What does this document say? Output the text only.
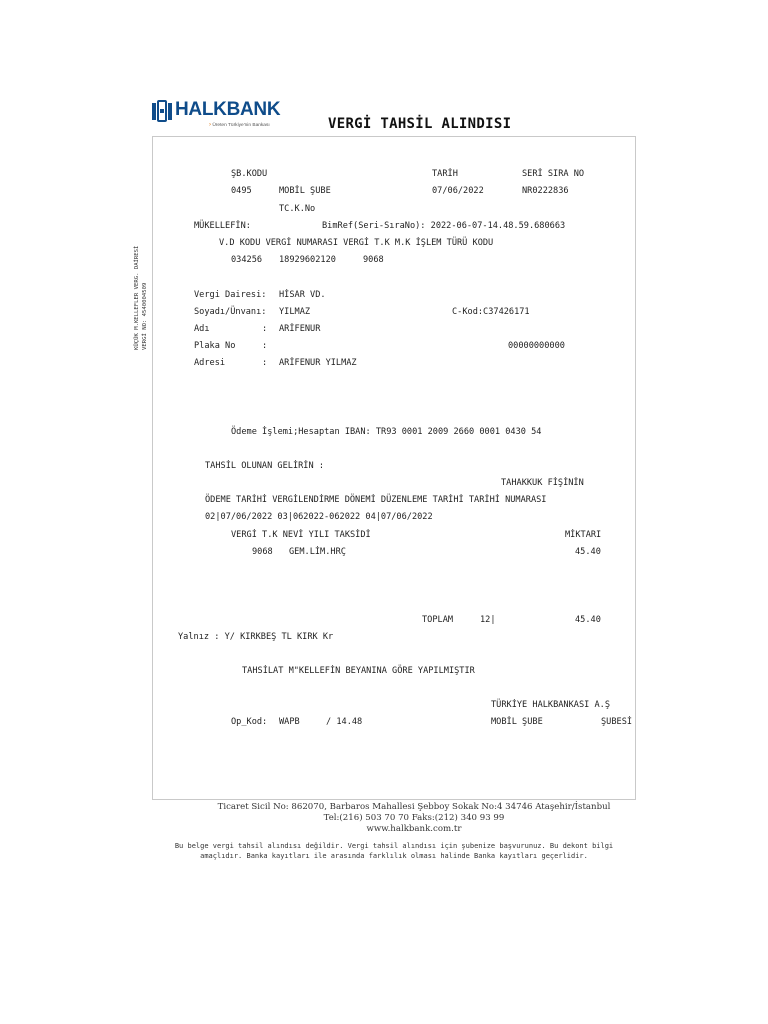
HALKBANK
› Üreten Türkiye'nin Bankası	VERGİ TAHSİL ALINDISI
KÜÇÜK M.KELLEFLER VERG. DAİRESİ VERGİ NO: 4540004509
ŞB.KODU	TARİH	SERİ SIRA NO
0495	MOBİL ŞUBE	07/06/2022	NR0222836
TC.K.No
MÜKELLEFİN:	BimRef(Seri-SıraNo): 2022-06-07-14.48.59.680663
V.D KODU VERGİ NUMARASI VERGİ T.K M.K İŞLEM TÜRÜ KODU
034256 18929602120	9068
Vergi Dairesi: HİSAR VD.
Soyadı/Ünvanı: YILMAZ	C-Kod:C37426171
Adı	: ARİFENUR
Plaka No	:	00000000000
Adresi	: ARİFENUR YILMAZ
Ödeme İşlemi;Hesaptan IBAN: TR93 0001 2009 2660 0001 0430 54
TAHSİL OLUNAN GELİRİN :
TAHAKKUK FİŞİNİN
ÖDEME TARİHİ VERGİLENDİRME DÖNEMİ DÜZENLEME TARİHİ TARİHİ NUMARASI
02|07/06/2022 03|062022-062022 04|07/06/2022
VERGİ T.K NEVİ YILI TAKSİDİ	MİKTARI
9068 GEM.LİM.HRÇ	45.40
TOPLAM	12|	45.40
Yalnız : Y/ KIRKBEŞ TL KIRK Kr
TAHSİLAT M"KELLEFİN BEYANINA GÖRE YAPILMIŞTIR
TÜRKİYE HALKBANKASI A.Ş
Op_Kod: WAPB	/ 14.48	MOBİL ŞUBE	ŞUBESİ
Ticaret Sicil No: 862070, Barbaros Mahallesi Şebboy Sokak No:4 34746 Ataşehir/İstanbul
Tel:(216) 503 70 70 Faks:(212) 340 93 99
www.halkbank.com.tr
Bu belge vergi tahsil alındısı değildir. Vergi tahsil alındısı için şubenize başvurunuz. Bu dekont bilgi
amaçlıdır. Banka kayıtları ile arasında farklılık olması halinde Banka kayıtları geçerlidir.
